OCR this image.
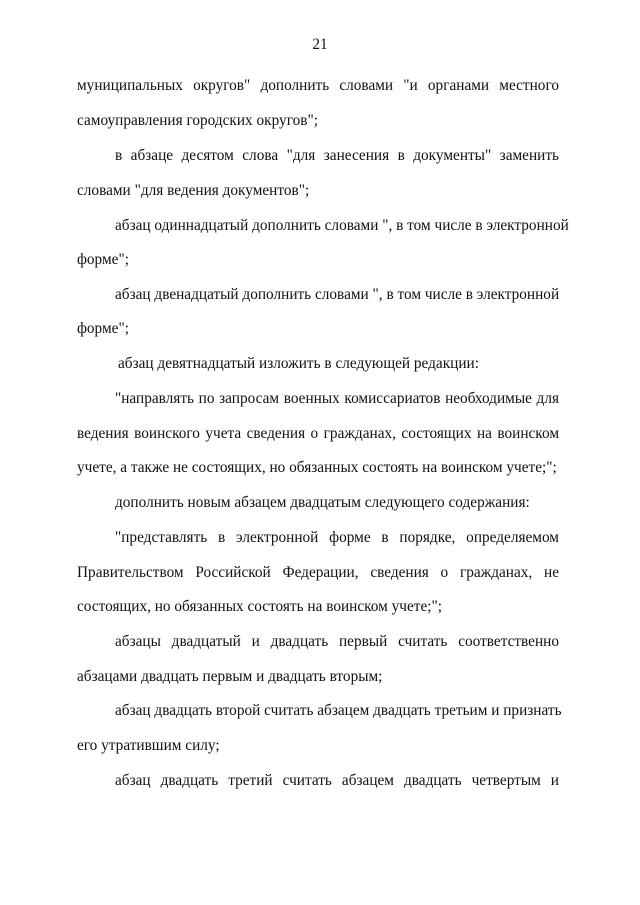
21
муниципальных округов" дополнить словами "и органами местного
самоуправления городских округов";
в абзаце десятом слова "для занесения в документы" заменить
словами "для ведения документов";
абзац одиннадцатый дополнить словами ", в том числе в электронной
форме";
абзац двенадцатый дополнить словами ", в том числе в электронной
форме";
абзац девятнадцатый изложить в следующей редакции:
"направлять по запросам военных комиссариатов необходимые для
ведения воинского учета сведения о гражданах, состоящих на воинском
учете, а также не состоящих, но обязанных состоять на воинском учете;";
дополнить новым абзацем двадцатым следующего содержания:
"представлять в электронной форме в порядке, определяемом
Правительством Российской Федерации, сведения о гражданах, не
состоящих, но обязанных состоять на воинском учете;";
абзацы двадцатый и двадцать первый считать соответственно
абзацами двадцать первым и двадцать вторым;
абзац двадцать второй считать абзацем двадцать третьим и признать
его утратившим силу;
абзац двадцать третий считать абзацем двадцать четвертым и
